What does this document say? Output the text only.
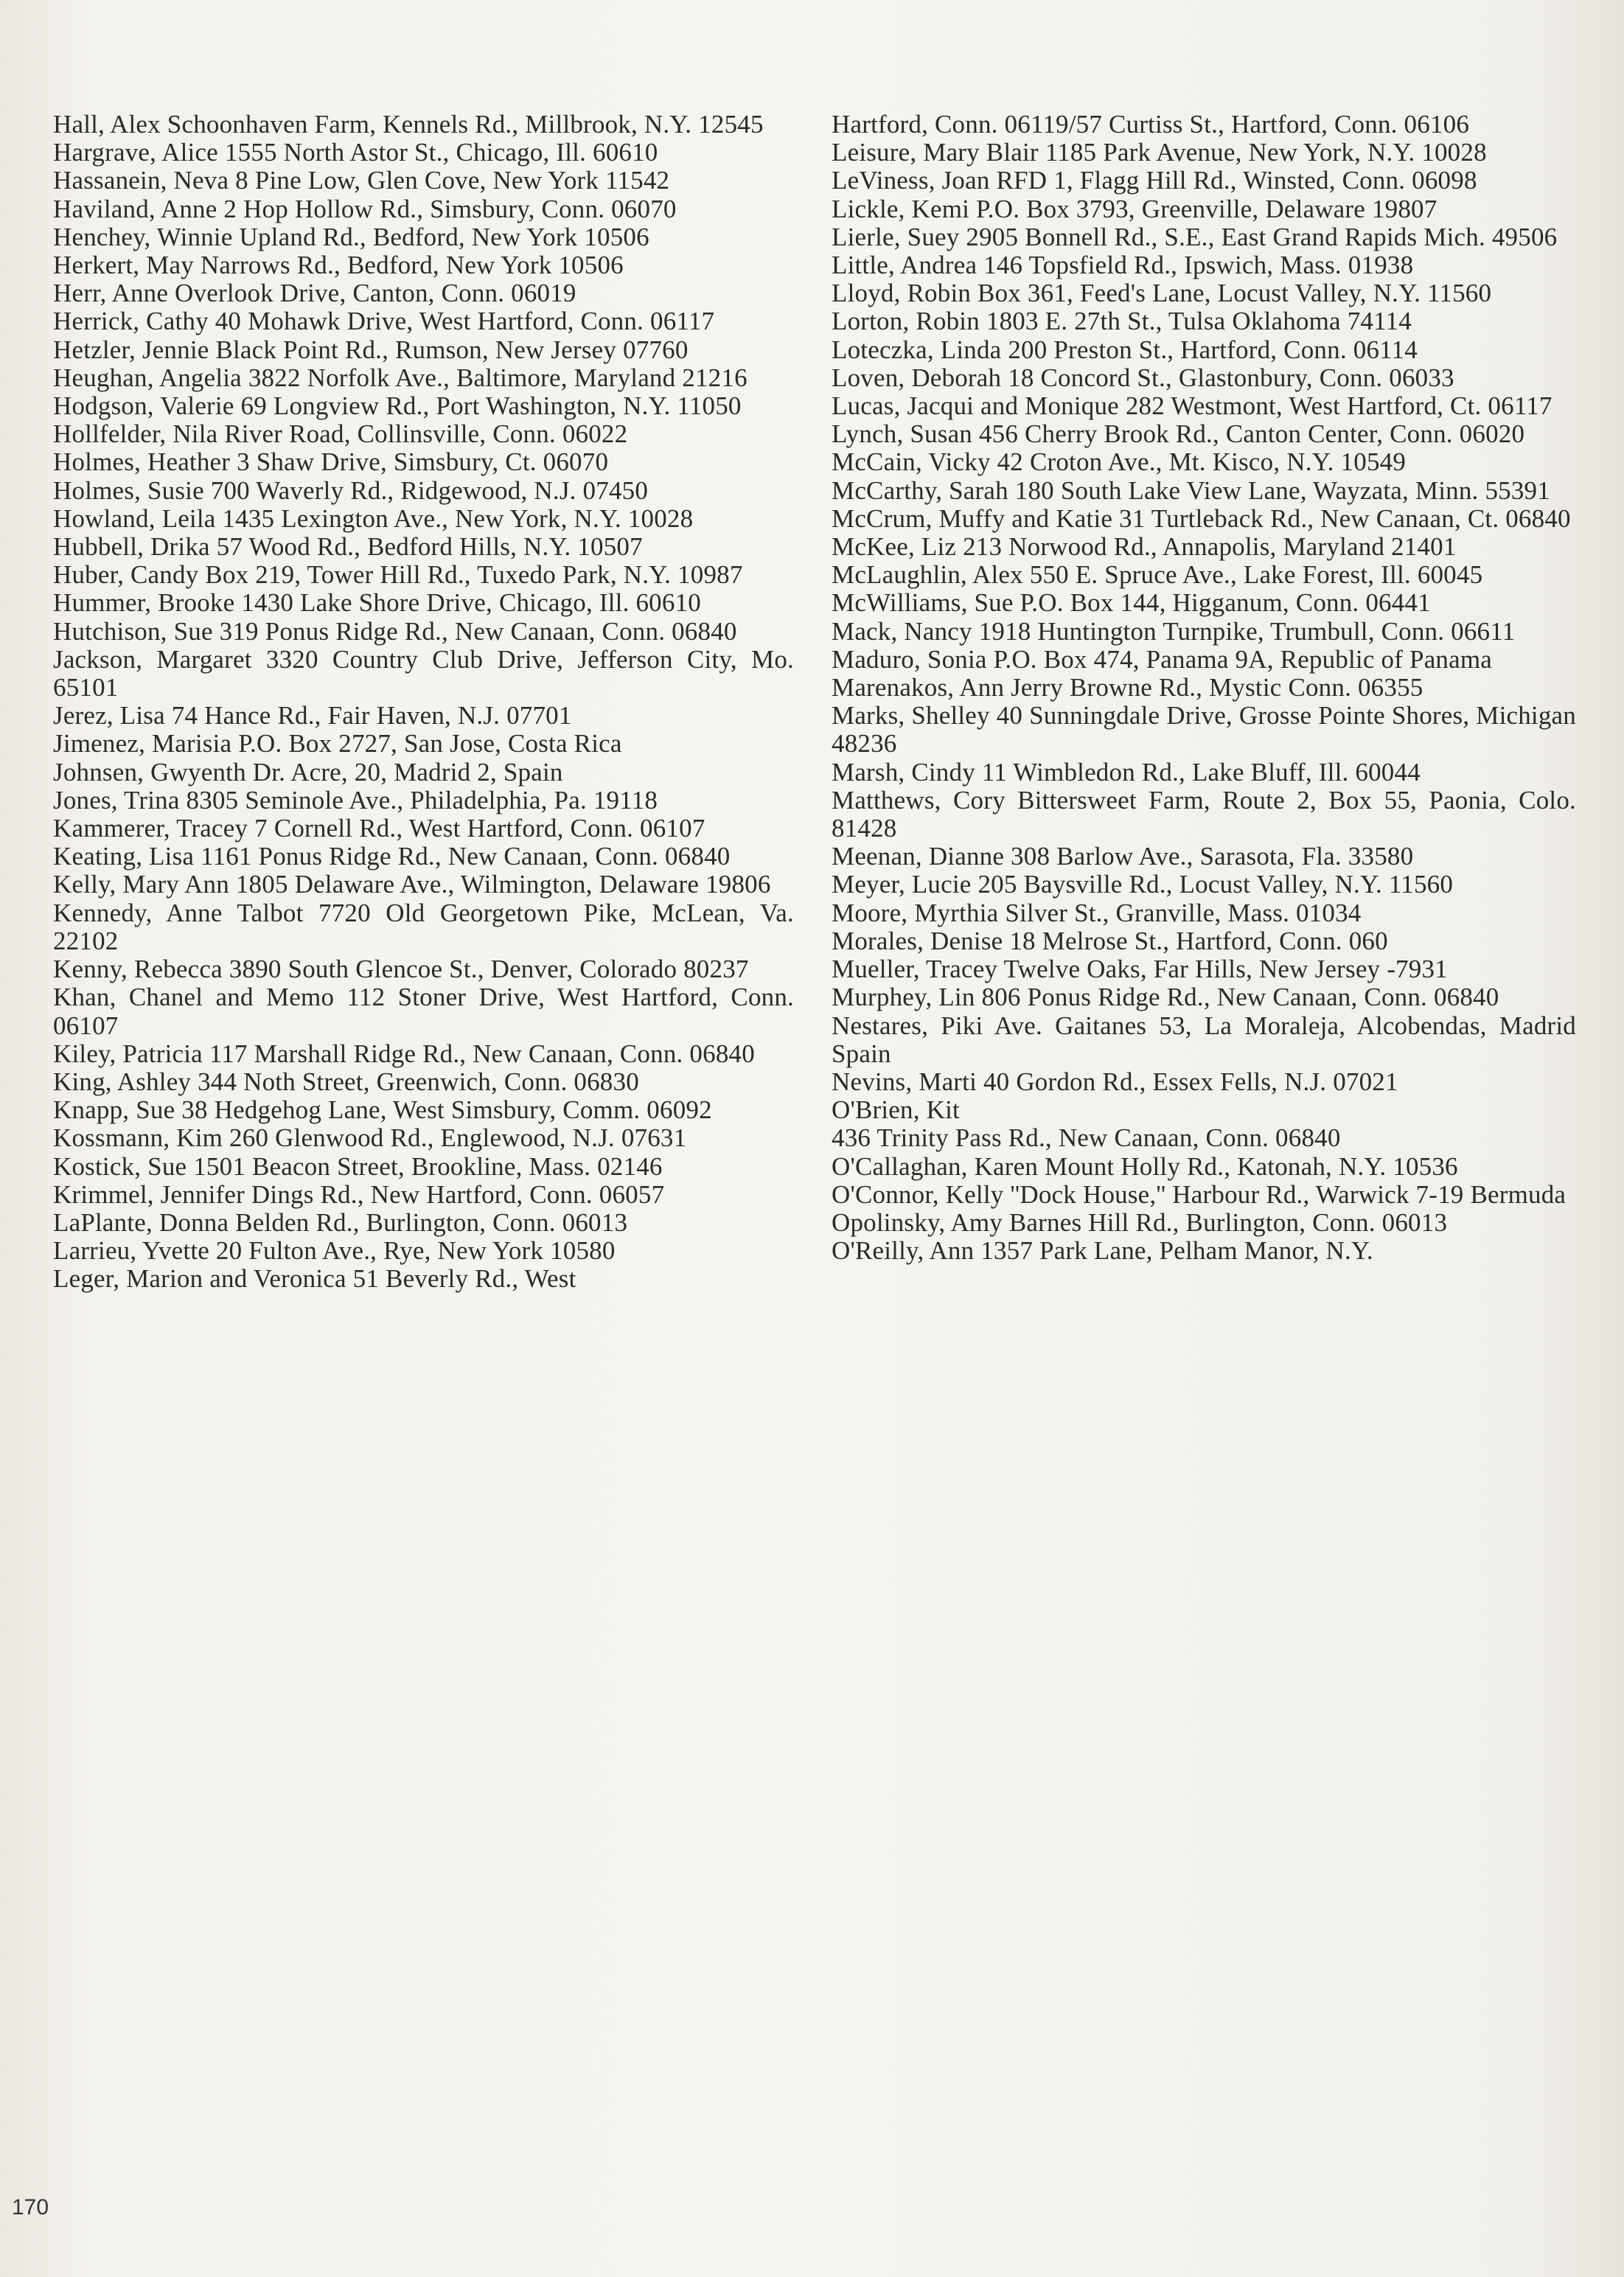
Hall, Alex Schoonhaven Farm, Kennels Rd., Millbrook, N.Y. 12545

Hargrave, Alice 1555 North Astor St., Chicago, Ill. 60610

Hassanein, Neva 8 Pine Low, Glen Cove, New York 11542

Haviland, Anne 2 Hop Hollow Rd., Simsbury, Conn. 06070

Henchey, Winnie Upland Rd., Bedford, New York 10506

Herkert, May Narrows Rd., Bedford, New York 10506

Herr, Anne Overlook Drive, Canton, Conn. 06019

Herrick, Cathy 40 Mohawk Drive, West Hartford, Conn. 06117

Hetzler, Jennie Black Point Rd., Rumson, New Jersey 07760

Heughan, Angelia 3822 Norfolk Ave., Baltimore, Maryland 21216

Hodgson, Valerie 69 Longview Rd., Port Washington, N.Y. 11050

Hollfelder, Nila River Road, Collinsville, Conn. 06022

Holmes, Heather 3 Shaw Drive, Simsbury, Ct. 06070

Holmes, Susie 700 Waverly Rd., Ridgewood, N.J. 07450

Howland, Leila 1435 Lexington Ave., New York, N.Y. 10028

Hubbell, Drika 57 Wood Rd., Bedford Hills, N.Y. 10507

Huber, Candy Box 219, Tower Hill Rd., Tuxedo Park, N.Y. 10987

Hummer, Brooke 1430 Lake Shore Drive, Chicago, Ill. 60610

Hutchison, Sue 319 Ponus Ridge Rd., New Canaan, Conn. 06840

Jackson, Margaret 3320 Country Club Drive, Jefferson City, Mo. 65101

Jerez, Lisa 74 Hance Rd., Fair Haven, N.J. 07701

Jimenez, Marisia P.O. Box 2727, San Jose, Costa Rica

Johnsen, Gwyenth Dr. Acre, 20, Madrid 2, Spain

Jones, Trina 8305 Seminole Ave., Philadelphia, Pa. 19118

Kammerer, Tracey 7 Cornell Rd., West Hartford, Conn. 06107

Keating, Lisa 1161 Ponus Ridge Rd., New Canaan, Conn. 06840

Kelly, Mary Ann 1805 Delaware Ave., Wilmington, Delaware 19806

Kennedy, Anne Talbot 7720 Old Georgetown Pike, McLean, Va. 22102

Kenny, Rebecca 3890 South Glencoe St., Denver, Colorado 80237

Khan, Chanel and Memo 112 Stoner Drive, West Hartford, Conn. 06107

Kiley, Patricia 117 Marshall Ridge Rd., New Canaan, Conn. 06840

King, Ashley 344 Noth Street, Greenwich, Conn. 06830

Knapp, Sue 38 Hedgehog Lane, West Simsbury, Comm. 06092

Kossmann, Kim 260 Glenwood Rd., Englewood, N.J. 07631

Kostick, Sue 1501 Beacon Street, Brookline, Mass. 02146

Krimmel, Jennifer Dings Rd., New Hartford, Conn. 06057

LaPlante, Donna Belden Rd., Burlington, Conn. 06013

Larrieu, Yvette 20 Fulton Ave., Rye, New York 10580

Leger, Marion and Veronica 51 Beverly Rd., West

Hartford, Conn. 06119/57 Curtiss St., Hartford, Conn. 06106

Leisure, Mary Blair 1185 Park Avenue, New York, N.Y. 10028

LeViness, Joan RFD 1, Flagg Hill Rd., Winsted, Conn. 06098

Lickle, Kemi P.O. Box 3793, Greenville, Delaware 19807

Lierle, Suey 2905 Bonnell Rd., S.E., East Grand Rapids Mich. 49506

Little, Andrea 146 Topsfield Rd., Ipswich, Mass. 01938

Lloyd, Robin Box 361, Feed's Lane, Locust Valley, N.Y. 11560

Lorton, Robin 1803 E. 27th St., Tulsa Oklahoma 74114

Loteczka, Linda 200 Preston St., Hartford, Conn. 06114

Loven, Deborah 18 Concord St., Glastonbury, Conn. 06033

Lucas, Jacqui and Monique 282 Westmont, West Hartford, Ct. 06117

Lynch, Susan 456 Cherry Brook Rd., Canton Center, Conn. 06020

McCain, Vicky 42 Croton Ave., Mt. Kisco, N.Y. 10549

McCarthy, Sarah 180 South Lake View Lane, Wayzata, Minn. 55391

McCrum, Muffy and Katie 31 Turtleback Rd., New Canaan, Ct. 06840

McKee, Liz 213 Norwood Rd., Annapolis, Maryland 21401

McLaughlin, Alex 550 E. Spruce Ave., Lake Forest, Ill. 60045

McWilliams, Sue P.O. Box 144, Higganum, Conn. 06441

Mack, Nancy 1918 Huntington Turnpike, Trumbull, Conn. 06611

Maduro, Sonia P.O. Box 474, Panama 9A, Republic of Panama

Marenakos, Ann Jerry Browne Rd., Mystic Conn. 06355

Marks, Shelley 40 Sunningdale Drive, Grosse Pointe Shores, Michigan 48236

Marsh, Cindy 11 Wimbledon Rd., Lake Bluff, Ill. 60044

Matthews, Cory Bittersweet Farm, Route 2, Box 55, Paonia, Colo. 81428

Meenan, Dianne 308 Barlow Ave., Sarasota, Fla. 33580

Meyer, Lucie 205 Baysville Rd., Locust Valley, N.Y. 11560

Moore, Myrthia Silver St., Granville, Mass. 01034

Morales, Denise 18 Melrose St., Hartford, Conn. 060

Mueller, Tracey Twelve Oaks, Far Hills, New Jersey -7931

Murphey, Lin 806 Ponus Ridge Rd., New Canaan, Conn. 06840

Nestares, Piki Ave. Gaitanes 53, La Moraleja, Alcobendas, Madrid Spain

Nevins, Marti 40 Gordon Rd., Essex Fells, N.J. 07021

O'Brien, Kit

436 Trinity Pass Rd., New Canaan, Conn. 06840

O'Callaghan, Karen Mount Holly Rd., Katonah, N.Y. 10536

O'Connor, Kelly ''Dock House,'' Harbour Rd., Warwick 7-19 Bermuda

Opolinsky, Amy Barnes Hill Rd., Burlington, Conn. 06013

O'Reilly, Ann 1357 Park Lane, Pelham Manor, N.Y.

170
